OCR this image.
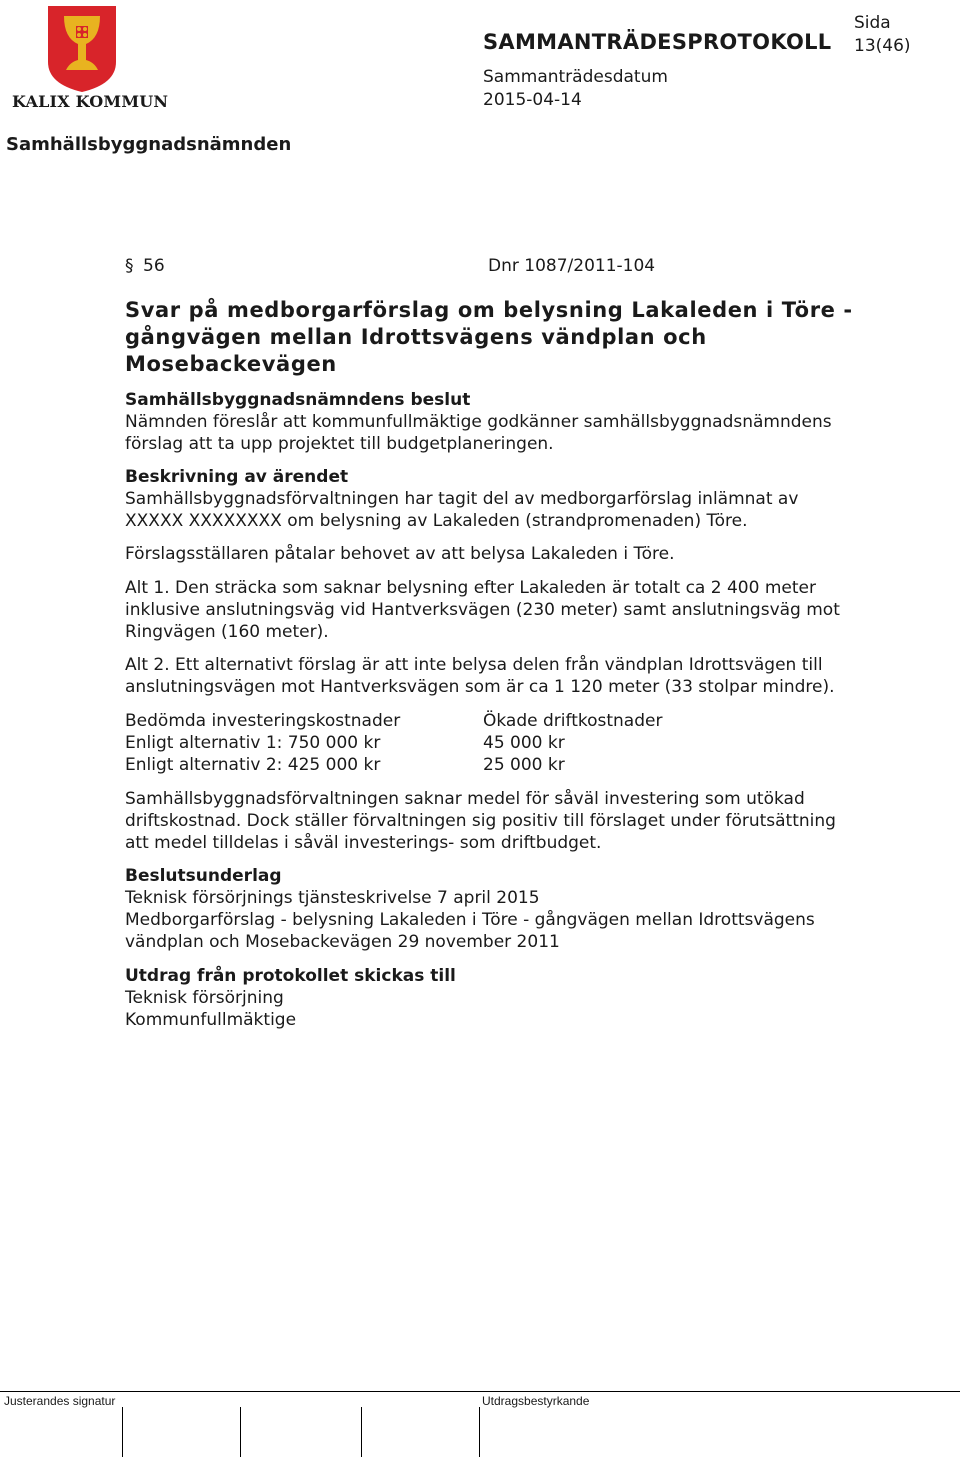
KALIX KOMMUN
SAMMANTRÄDESPROTOKOLL
Sida
13(46)
Sammanträdesdatum
2015-04-14
Samhällsbyggnadsnämnden
§ 56	Dnr 1087/2011-104
Svar på medborgarförslag om belysning Lakaleden i Töre -
gångvägen mellan Idrottsvägens vändplan och
Mosebackevägen
Samhällsbyggnadsnämndens beslut
Nämnden föreslår att kommunfullmäktige godkänner samhällsbyggnadsnämndens
förslag att ta upp projektet till budgetplaneringen.
Beskrivning av ärendet
Samhällsbyggnadsförvaltningen har tagit del av medborgarförslag inlämnat av
XXXXX XXXXXXXX om belysning av Lakaleden (strandpromenaden) Töre.
Förslagsställaren påtalar behovet av att belysa Lakaleden i Töre.
Alt 1. Den sträcka som saknar belysning efter Lakaleden är totalt ca 2 400 meter
inklusive anslutningsväg vid Hantverksvägen (230 meter) samt anslutningsväg mot
Ringvägen (160 meter).
Alt 2. Ett alternativt förslag är att inte belysa delen från vändplan Idrottsvägen till
anslutningsvägen mot Hantverksvägen som är ca 1 120 meter (33 stolpar mindre).
Bedömda investeringskostnader
Enligt alternativ 1: 750 000 kr
Enligt alternativ 2: 425 000 kr
Ökade driftkostnader
45 000 kr
25 000 kr
Samhällsbyggnadsförvaltningen saknar medel för såväl investering som utökad
driftskostnad. Dock ställer förvaltningen sig positiv till förslaget under förutsättning
att medel tilldelas i såväl investerings- som driftbudget.
Beslutsunderlag
Teknisk försörjnings tjänsteskrivelse 7 april 2015
Medborgarförslag - belysning Lakaleden i Töre - gångvägen mellan Idrottsvägens
vändplan och Mosebackevägen 29 november 2011
Utdrag från protokollet skickas till
Teknisk försörjning
Kommunfullmäktige
Justerandes signatur	Utdragsbestyrkande
